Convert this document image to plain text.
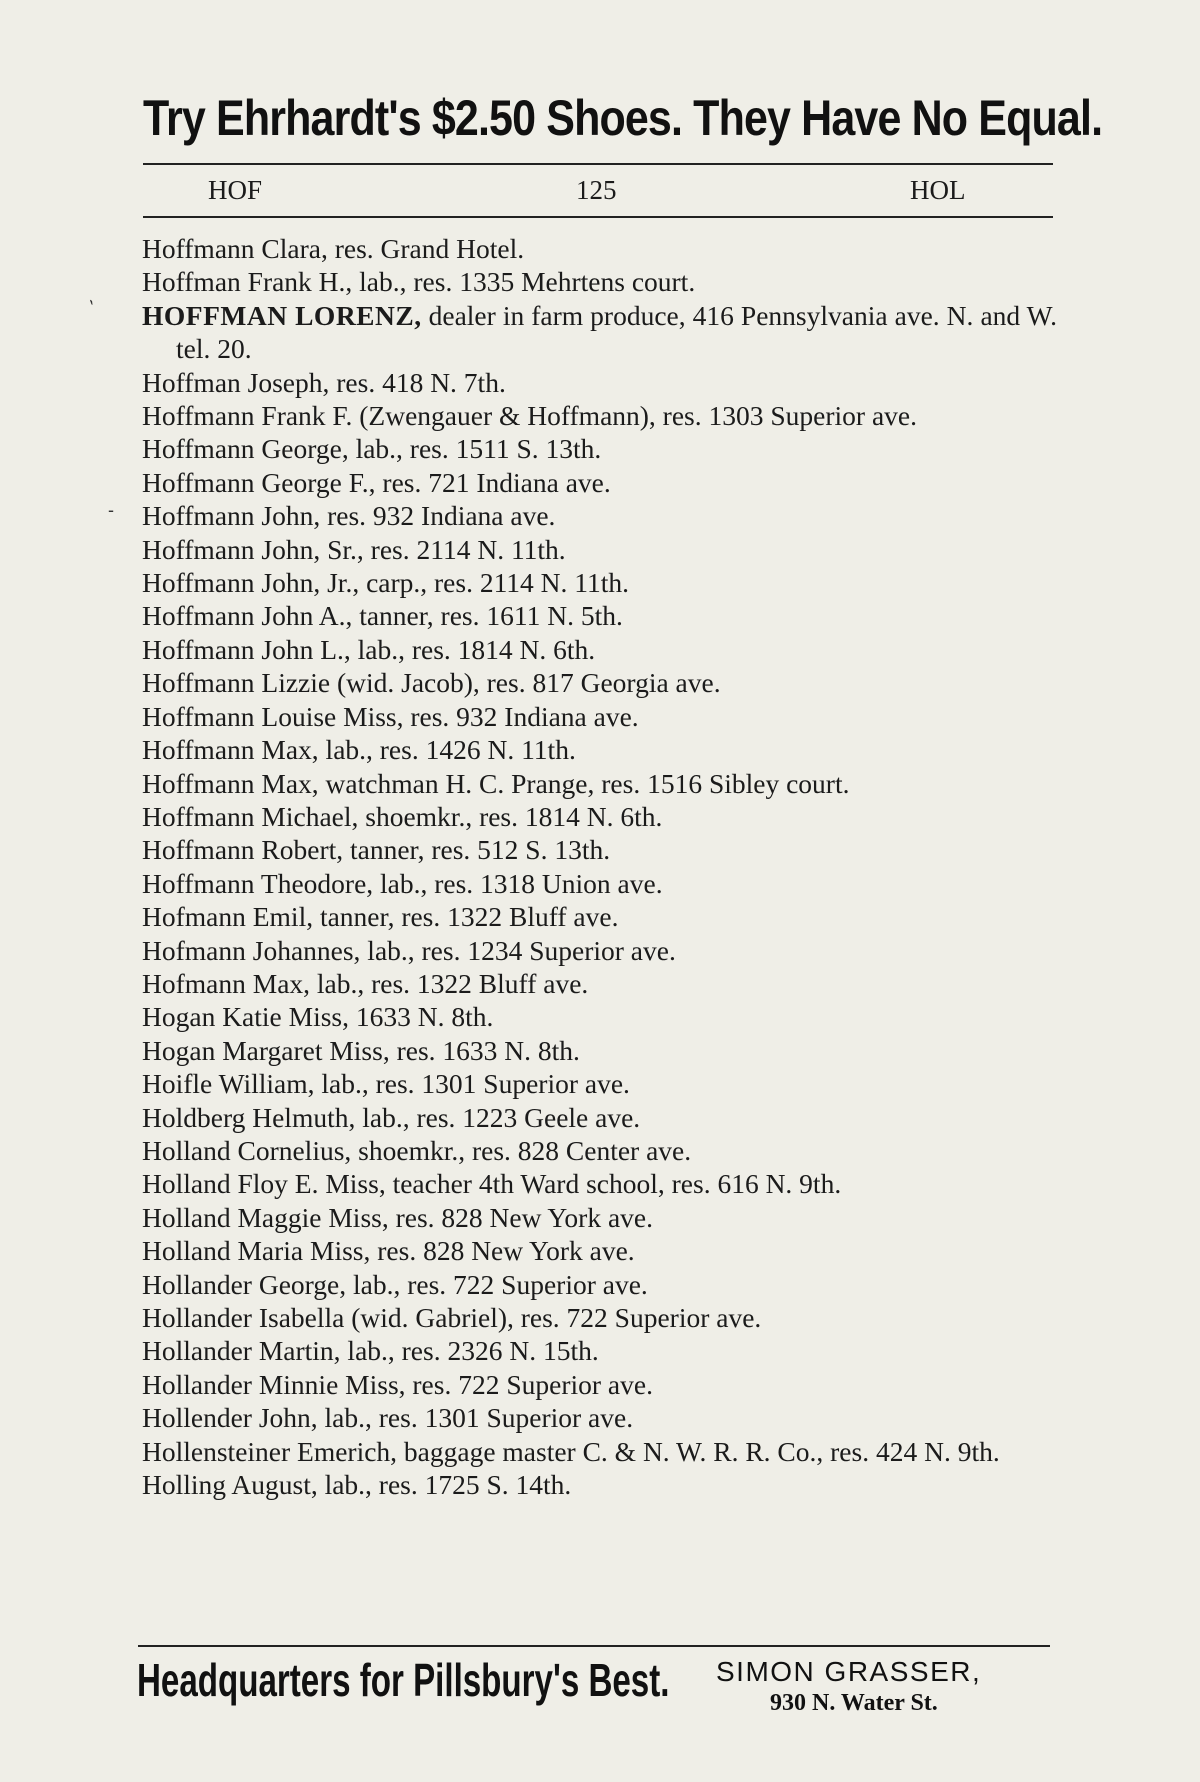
Try Ehrhardt's $2.50 Shoes. They Have No Equal.
HOF	125	HOL
`
-
Hoffmann Clara, res. Grand Hotel.
Hoffman Frank H., lab., res. 1335 Mehrtens court.
HOFFMAN LORENZ, dealer in farm produce, 416 Pennsylvania ave. N. and W. tel. 20.
Hoffman Joseph, res. 418 N. 7th.
Hoffmann Frank F. (Zwengauer & Hoffmann), res. 1303 Superior ave.
Hoffmann George, lab., res. 1511 S. 13th.
Hoffmann George F., res. 721 Indiana ave.
Hoffmann John, res. 932 Indiana ave.
Hoffmann John, Sr., res. 2114 N. 11th.
Hoffmann John, Jr., carp., res. 2114 N. 11th.
Hoffmann John A., tanner, res. 1611 N. 5th.
Hoffmann John L., lab., res. 1814 N. 6th.
Hoffmann Lizzie (wid. Jacob), res. 817 Georgia ave.
Hoffmann Louise Miss, res. 932 Indiana ave.
Hoffmann Max, lab., res. 1426 N. 11th.
Hoffmann Max, watchman H. C. Prange, res. 1516 Sibley court.
Hoffmann Michael, shoemkr., res. 1814 N. 6th.
Hoffmann Robert, tanner, res. 512 S. 13th.
Hoffmann Theodore, lab., res. 1318 Union ave.
Hofmann Emil, tanner, res. 1322 Bluff ave.
Hofmann Johannes, lab., res. 1234 Superior ave.
Hofmann Max, lab., res. 1322 Bluff ave.
Hogan Katie Miss, 1633 N. 8th.
Hogan Margaret Miss, res. 1633 N. 8th.
Hoifle William, lab., res. 1301 Superior ave.
Holdberg Helmuth, lab., res. 1223 Geele ave.
Holland Cornelius, shoemkr., res. 828 Center ave.
Holland Floy E. Miss, teacher 4th Ward school, res. 616 N. 9th.
Holland Maggie Miss, res. 828 New York ave.
Holland Maria Miss, res. 828 New York ave.
Hollander George, lab., res. 722 Superior ave.
Hollander Isabella (wid. Gabriel), res. 722 Superior ave.
Hollander Martin, lab., res. 2326 N. 15th.
Hollander Minnie Miss, res. 722 Superior ave.
Hollender John, lab., res. 1301 Superior ave.
Hollensteiner Emerich, baggage master C. & N. W. R. R. Co., res. 424 N. 9th.
Holling August, lab., res. 1725 S. 14th.
Headquarters for Pillsbury's Best. SIMON GRASSER,
930 N. Water St.
